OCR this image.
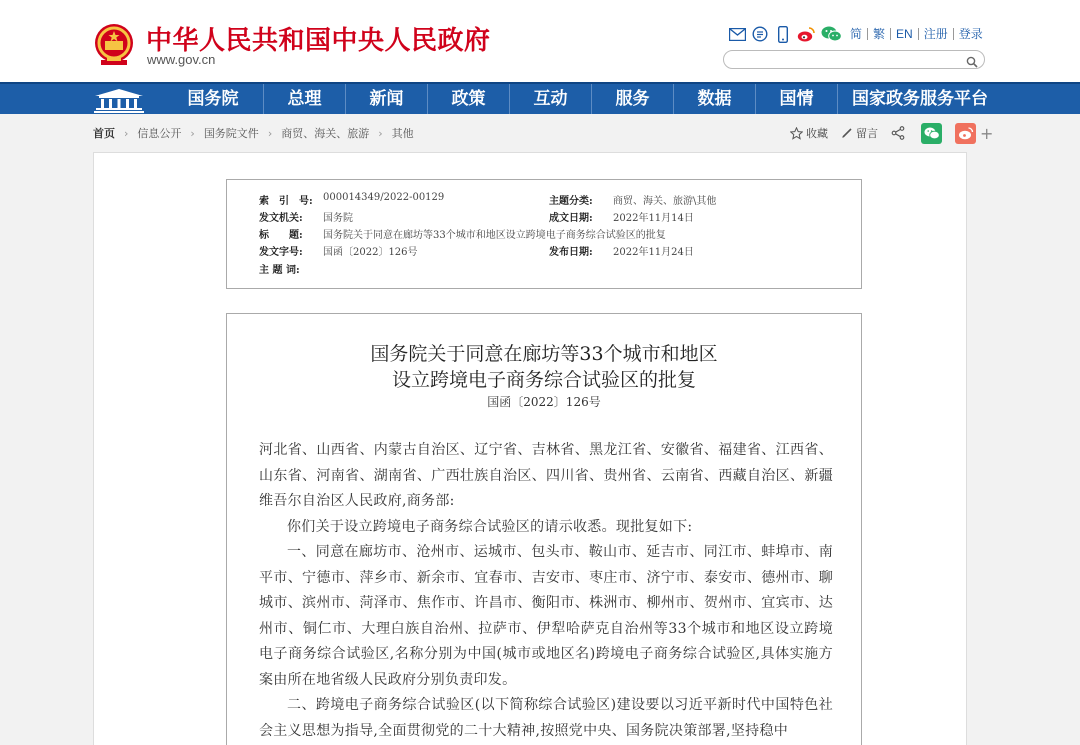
中华人民共和国中央人民政府
www.gov.cn
简 繁 EN 注册 登录
国务院	总理	新闻	政策	互动	服务	数据	国情	国家政务服务平台
首页 › 信息公开 › 国务院文件 › 商贸、海关、旅游 › 其他	收藏	留言	+
索　引　号: 000014349/2022-00129	主题分类: 商贸、海关、旅游\其他
发文机关: 国务院	成文日期: 2022年11月14日
标　　题: 国务院关于同意在廊坊等33个城市和地区设立跨境电子商务综合试验区的批复
发文字号: 国函〔2022〕126号	发布日期: 2022年11月24日
主 题 词:
国务院关于同意在廊坊等33个城市和地区
设立跨境电子商务综合试验区的批复
国函〔2022〕126号

河北省、山西省、内蒙古自治区、辽宁省、吉林省、黑龙江省、安徽省、福建省、江西省、山东省、河南省、湖南省、广西壮族自治区、四川省、贵州省、云南省、西藏自治区、新疆维吾尔自治区人民政府,商务部:

你们关于设立跨境电子商务综合试验区的请示收悉。现批复如下:

一、同意在廊坊市、沧州市、运城市、包头市、鞍山市、延吉市、同江市、蚌埠市、南平市、宁德市、萍乡市、新余市、宜春市、吉安市、枣庄市、济宁市、泰安市、德州市、聊城市、滨州市、菏泽市、焦作市、许昌市、衡阳市、株洲市、柳州市、贺州市、宜宾市、达州市、铜仁市、大理白族自治州、拉萨市、伊犁哈萨克自治州等33个城市和地区设立跨境电子商务综合试验区,名称分别为中国(城市或地区名)跨境电子商务综合试验区,具体实施方案由所在地省级人民政府分别负责印发。

二、跨境电子商务综合试验区(以下简称综合试验区)建设要以习近平新时代中国特色社会主义思想为指导,全面贯彻党的二十大精神,按照党中央、国务院决策部署,坚持稳中
